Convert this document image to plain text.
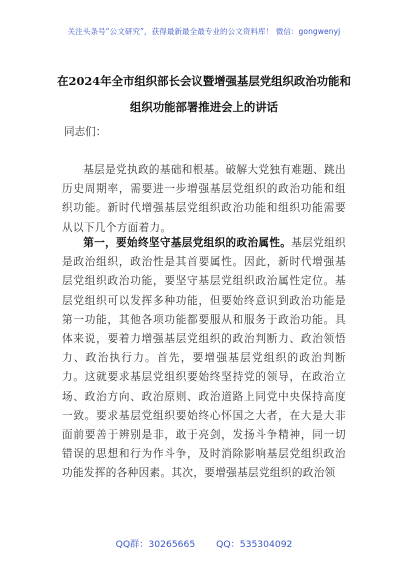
关注头条号“公文研究”，获得最新最全最专业的公文资料库！ 微信：gongwenyj
在2024年全市组织部长会议暨增强基层党组织政治功能和
组织功能部署推进会上的讲话
同志们：
基层是党执政的基础和根基。破解大党独有难题、跳出历史周期率，需要进一步增强基层党组织的政治功能和组织功能。新时代增强基层党组织政治功能和组织功能需要从以下几个方面着力。
第一，要始终坚守基层党组织的政治属性。基层党组织是政治组织，政治性是其首要属性。因此，新时代增强基层党组织政治功能，要坚守基层党组织政治属性定位。基层党组织可以发挥多种功能，但要始终意识到政治功能是第一功能，其他各项功能都要服从和服务于政治功能。具体来说，要着力增强基层党组织的政治判断力、政治领悟力、政治执行力。首先，要增强基层党组织的政治判断力。这就要求基层党组织要始终坚持党的领导，在政治立场、政治方向、政治原则、政治道路上同党中央保持高度一致。要求基层党组织要始终心怀国之大者，在大是大非面前要善于辨别是非，敢于亮剑，发扬斗争精神，同一切错误的思想和行为作斗争，及时消除影响基层党组织政治功能发挥的各种因素。其次，要增强基层党组织的政治领
QQ群：30265665 QQ：535304092
